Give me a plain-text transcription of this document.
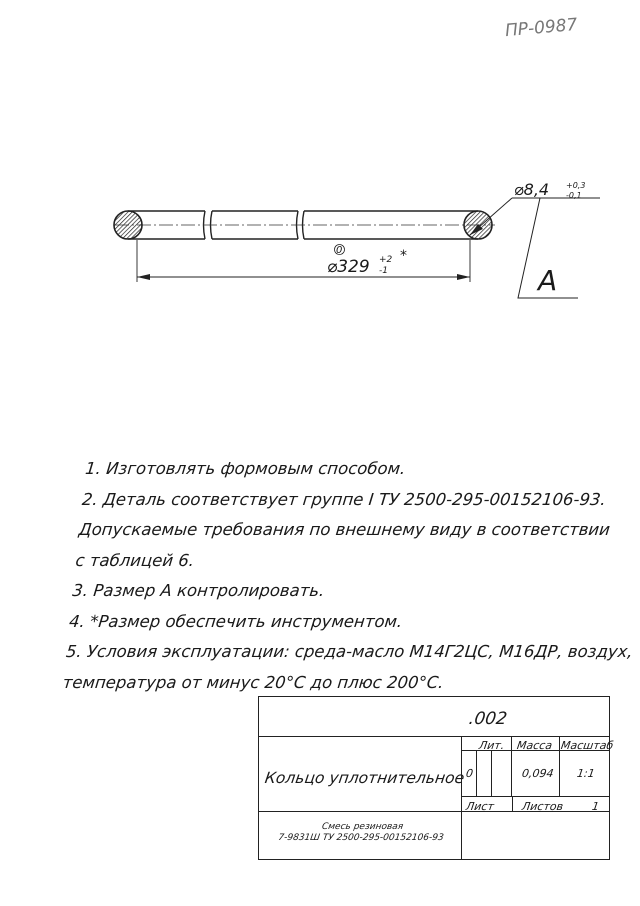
ПР-0987
⌀8,4 +0,3
-0,1
0
⌀329 +2
-1
*
A
1. Изготовлять формовым способом.
2. Деталь соответствует группе I ТУ 2500-295-00152106-93.
Допускаемые требования по внешнему виду в соответствии
с таблицей 6.
3. Размер А контролировать.
4. *Размер обеспечить инструментом.
5. Условия эксплуатации: среда-масло М14Г2ЦС, М16ДР, воздух,
температура от минус 20°С до плюс 200°С.
.002
Кольцо уплотнительное
Лит. Масса Масштаб
0	0,094 1:1
Лист Листов 1
Смесь резиновая
7-9831Ш ТУ 2500-295-00152106-93
